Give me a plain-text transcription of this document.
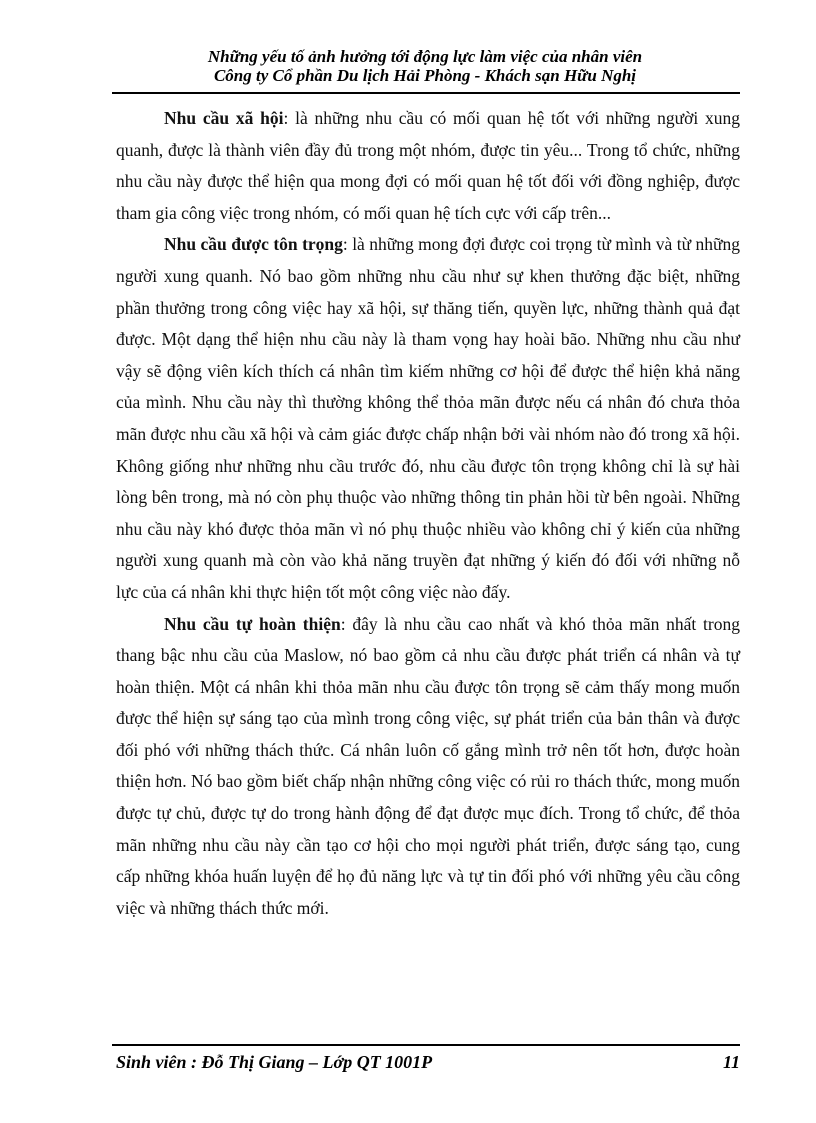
Những yếu tố ảnh hưởng tới động lực làm việc của nhân viên
Công ty Cổ phần Du lịch Hải Phòng - Khách sạn Hữu Nghị

Nhu cầu xã hội: là những nhu cầu có mối quan hệ tốt với những người xung quanh, được là thành viên đầy đủ trong một nhóm, được tin yêu... Trong tổ chức, những nhu cầu này được thể hiện qua mong đợi có mối quan hệ tốt đối với đồng nghiệp, được tham gia công việc trong nhóm, có mối quan hệ tích cực với cấp trên...

Nhu cầu được tôn trọng: là những mong đợi được coi trọng từ mình và từ những người xung quanh. Nó bao gồm những nhu cầu như sự khen thưởng đặc biệt, những phần thưởng trong công việc hay xã hội, sự thăng tiến, quyền lực, những thành quả đạt được. Một dạng thể hiện nhu cầu này là tham vọng hay hoài bão. Những nhu cầu như vậy sẽ động viên kích thích cá nhân tìm kiếm những cơ hội để được thể hiện khả năng của mình. Nhu cầu này thì thường không thể thỏa mãn được nếu cá nhân đó chưa thỏa mãn được nhu cầu xã hội và cảm giác được chấp nhận bởi vài nhóm nào đó trong xã hội. Không giống như những nhu cầu trước đó, nhu cầu được tôn trọng không chỉ là sự hài lòng bên trong, mà nó còn phụ thuộc vào những thông tin phản hồi từ bên ngoài. Những nhu cầu này khó được thỏa mãn vì nó phụ thuộc nhiều vào không chỉ ý kiến của những người xung quanh mà còn vào khả năng truyền đạt những ý kiến đó đối với những nỗ lực của cá nhân khi thực hiện tốt một công việc nào đấy.

Nhu cầu tự hoàn thiện: đây là nhu cầu cao nhất và khó thỏa mãn nhất trong thang bậc nhu cầu của Maslow, nó bao gồm cả nhu cầu được phát triển cá nhân và tự hoàn thiện. Một cá nhân khi thỏa mãn nhu cầu được tôn trọng sẽ cảm thấy mong muốn được thể hiện sự sáng tạo của mình trong công việc, sự phát triển của bản thân và được đối phó với những thách thức. Cá nhân luôn cố gắng mình trở nên tốt hơn, được hoàn thiện hơn. Nó bao gồm biết chấp nhận những công việc có rủi ro thách thức, mong muốn được tự chủ, được tự do trong hành động để đạt được mục đích. Trong tổ chức, để thỏa mãn những nhu cầu này cần tạo cơ hội cho mọi người phát triển, được sáng tạo, cung cấp những khóa huấn luyện để họ đủ năng lực và tự tin đối phó với những yêu cầu công việc và những thách thức mới.

Sinh viên : Đỗ Thị Giang – Lớp QT 1001P	11
